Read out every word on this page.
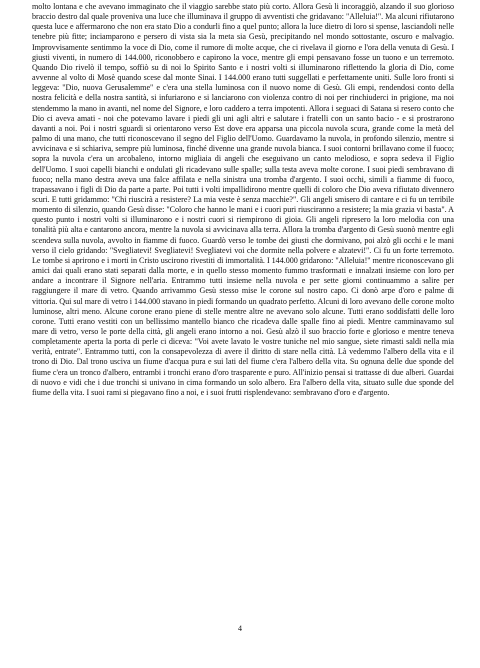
molto lontana e che avevano immaginato che il viaggio sarebbe stato più corto. Allora Gesù li incoraggiò, alzando il suo glorioso braccio destro dal quale proveniva una luce che illuminava il gruppo di avventisti che gridavano: "Alleluia!". Ma alcuni rifiutarono questa luce e affermarono che non era stato Dio a condurli fino a quel punto; allora la luce dietro di loro si spense, lasciandoli nelle tenebre più fitte; inciamparono e persero di vista sia la meta sia Gesù, precipitando nel mondo sottostante, oscuro e malvagio. Improvvisamente sentimmo la voce di Dio, come il rumore di molte acque, che ci rivelava il giorno e l'ora della venuta di Gesù. I giusti viventi, in numero di 144.000, riconobbero e capirono la voce, mentre gli empi pensavano fosse un tuono e un terremoto. Quando Dio rivelò il tempo, soffiò su di noi lo Spirito Santo e i nostri volti si illuminarono riflettendo la gloria di Dio, come avvenne al volto di Mosè quando scese dal monte Sinai. I 144.000 erano tutti suggellati e perfettamente uniti. Sulle loro fronti si leggeva: "Dio, nuova Gerusalemme" e c'era una stella luminosa con il nuovo nome di Gesù. Gli empi, rendendosi conto della nostra felicità e della nostra santità, si infuriarono e si lanciarono con violenza contro di noi per rinchiuderci in prigione, ma noi stendemmo la mano in avanti, nel nome del Signore, e loro caddero a terra impotenti. Allora i seguaci di Satana si resero conto che Dio ci aveva amati - noi che potevamo lavare i piedi gli uni agli altri e salutare i fratelli con un santo bacio - e si prostrarono davanti a noi. Poi i nostri sguardi si orientarono verso Est dove era apparsa una piccola nuvola scura, grande come la metà del palmo di una mano, che tutti riconoscevano il segno del Figlio dell'Uomo. Guardavamo la nuvola, in profondo silenzio, mentre si avvicinava e si schiariva, sempre più luminosa, finché divenne una grande nuvola bianca. I suoi contorni brillavano come il fuoco; sopra la nuvola c'era un arcobaleno, intorno migliaia di angeli che eseguivano un canto melodioso, e sopra sedeva il Figlio dell'Uomo. I suoi capelli bianchi e ondulati gli ricadevano sulle spalle; sulla testa aveva molte corone. I suoi piedi sembravano di fuoco; nella mano destra aveva una falce affilata e nella sinistra una tromba d'argento. I suoi occhi, simili a fiamme di fuoco, trapassavano i figli di Dio da parte a parte. Poi tutti i volti impallidirono mentre quelli di coloro che Dio aveva rifiutato divennero scuri. E tutti gridammo: "Chi riuscirà a resistere? La mia veste è senza macchie?". Gli angeli smisero di cantare e ci fu un terribile momento di silenzio, quando Gesù disse: "Coloro che hanno le mani e i cuori puri riusciranno a resistere; la mia grazia vi basta". A questo punto i nostri volti si illuminarono e i nostri cuori si riempirono di gioia. Gli angeli ripresero la loro melodia con una tonalità più alta e cantarono ancora, mentre la nuvola si avvicinava alla terra. Allora la tromba d'argento di Gesù suonò mentre egli scendeva sulla nuvola, avvolto in fiamme di fuoco. Guardò verso le tombe dei giusti che dormivano, poi alzò gli occhi e le mani verso il cielo gridando: "Svegliatevi! Svegliatevi! Svegliatevi voi che dormite nella polvere e alzatevi!". Ci fu un forte terremoto. Le tombe si aprirono e i morti in Cristo uscirono rivestiti di immortalità. I 144.000 gridarono: "Alleluia!" mentre riconoscevano gli amici dai quali erano stati separati dalla morte, e in quello stesso momento fummo trasformati e innalzati insieme con loro per andare a incontrare il Signore nell'aria. Entrammo tutti insieme nella nuvola e per sette giorni continuammo a salire per raggiungere il mare di vetro. Quando arrivammo Gesù stesso mise le corone sul nostro capo. Ci donò arpe d'oro e palme di vittoria. Qui sul mare di vetro i 144.000 stavano in piedi formando un quadrato perfetto. Alcuni di loro avevano delle corone molto luminose, altri meno. Alcune corone erano piene di stelle mentre altre ne avevano solo alcune. Tutti erano soddisfatti delle loro corone. Tutti erano vestiti con un bellissimo mantello bianco che ricadeva dalle spalle fino ai piedi. Mentre camminavamo sul mare di vetro, verso le porte della città, gli angeli erano intorno a noi. Gesù alzò il suo braccio forte e glorioso e mentre teneva completamente aperta la porta di perle ci diceva: "Voi avete lavato le vostre tuniche nel mio sangue, siete rimasti saldi nella mia verità, entrate". Entrammo tutti, con la consapevolezza di avere il diritto di stare nella città. Là vedemmo l'albero della vita e il trono di Dio. Dal trono usciva un fiume d'acqua pura e sui lati del fiume c'era l'albero della vita. Su ognuna delle due sponde del fiume c'era un tronco d'albero, entrambi i tronchi erano d'oro trasparente e puro. All'inizio pensai si trattasse di due alberi. Guardai di nuovo e vidi che i due tronchi si univano in cima formando un solo albero. Era l'albero della vita, situato sulle due sponde del fiume della vita. I suoi rami si piegavano fino a noi, e i suoi frutti risplendevano: sembravano d'oro e d'argento.

4
